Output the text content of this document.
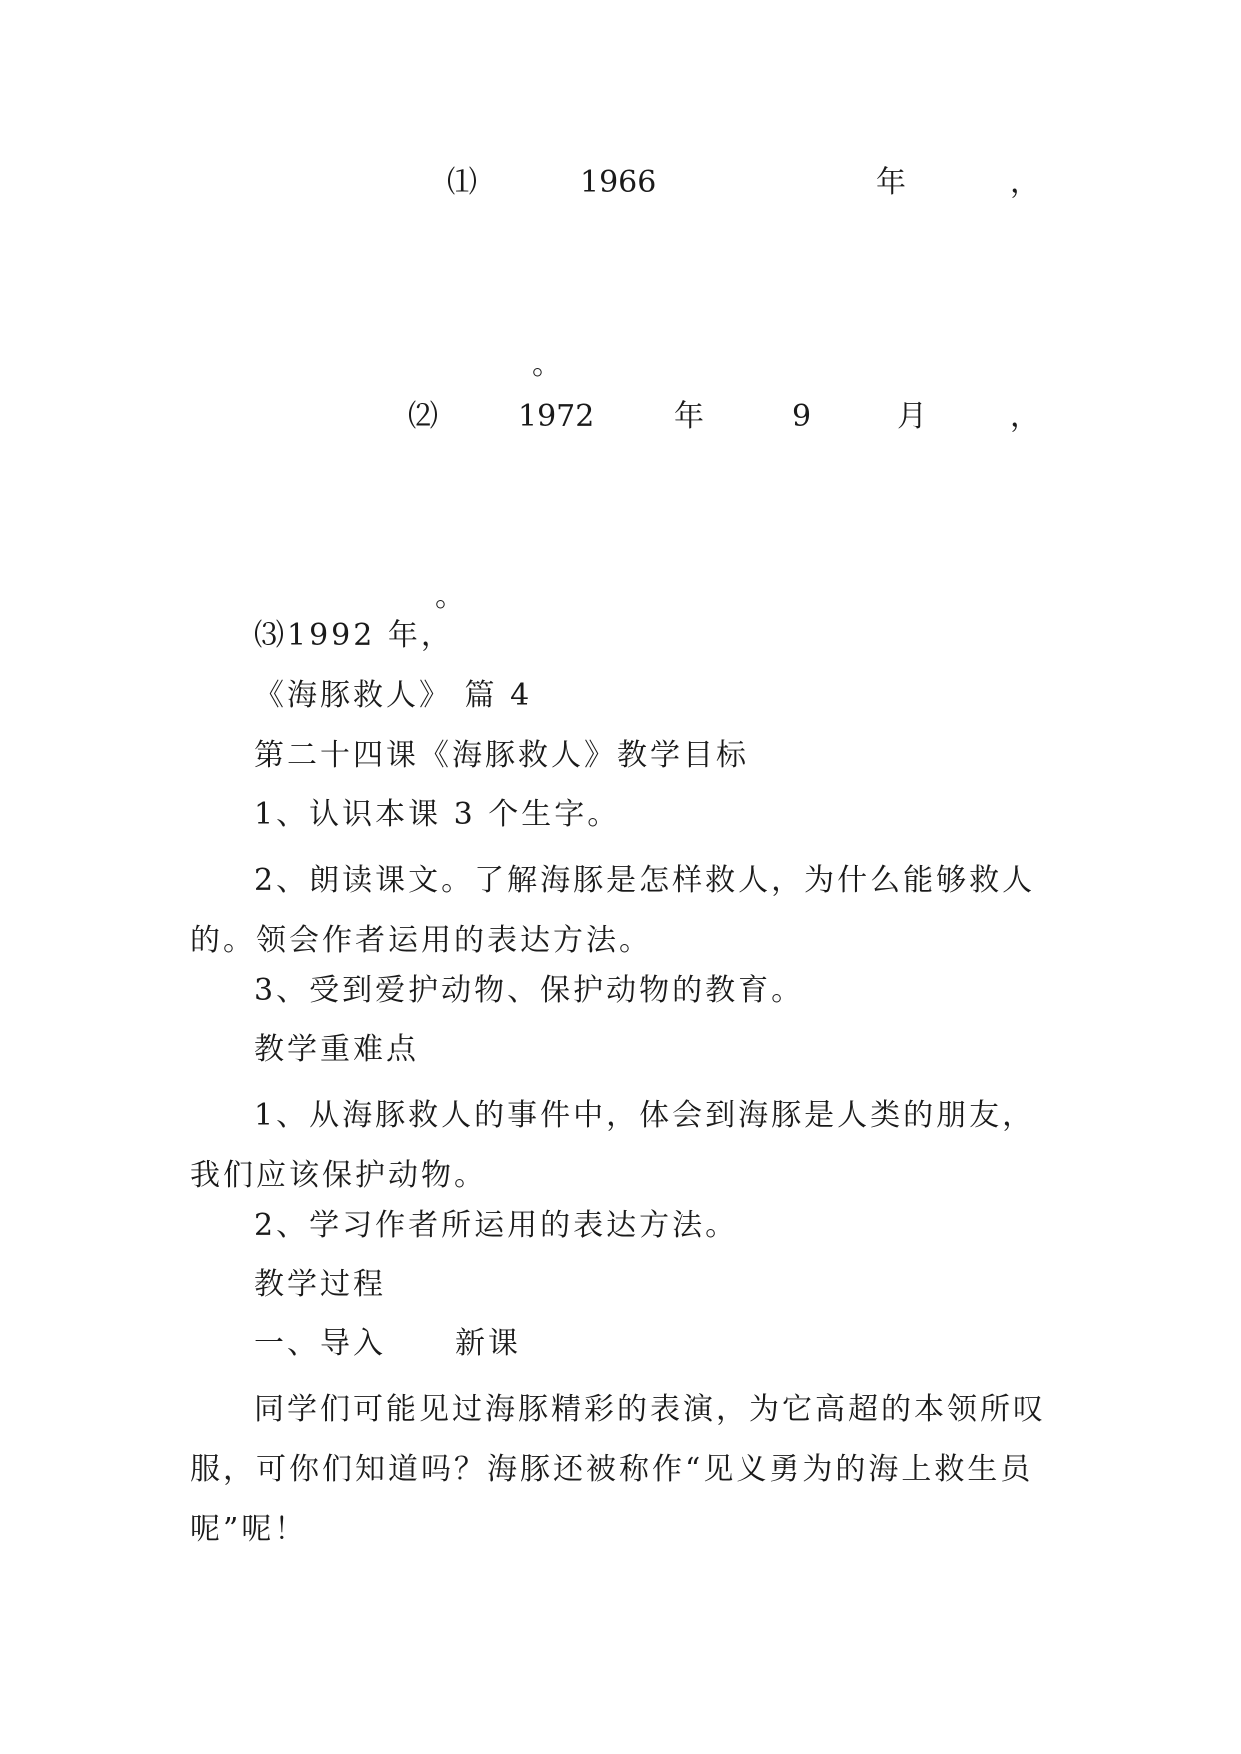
⑴	1966	年	，
。
⑵	1972	年	9	月	，
。
⑶1992 年，
《海豚救人》 篇 4
第二十四课《海豚救人》教学目标
1、认识本课 3 个生字。
2、朗读课文。了解海豚是怎样救人，为什么能够救人的。领会作者运用的表达方法。
3、受到爱护动物、保护动物的教育。
教学重难点
1、从海豚救人的事件中，体会到海豚是人类的朋友，我们应该保护动物。
2、学习作者所运用的表达方法。
教学过程
一、导入 新课
同学们可能见过海豚精彩的表演，为它高超的本领所叹服，可你们知道吗？海豚还被称作“见义勇为的海上救生员呢”呢！
